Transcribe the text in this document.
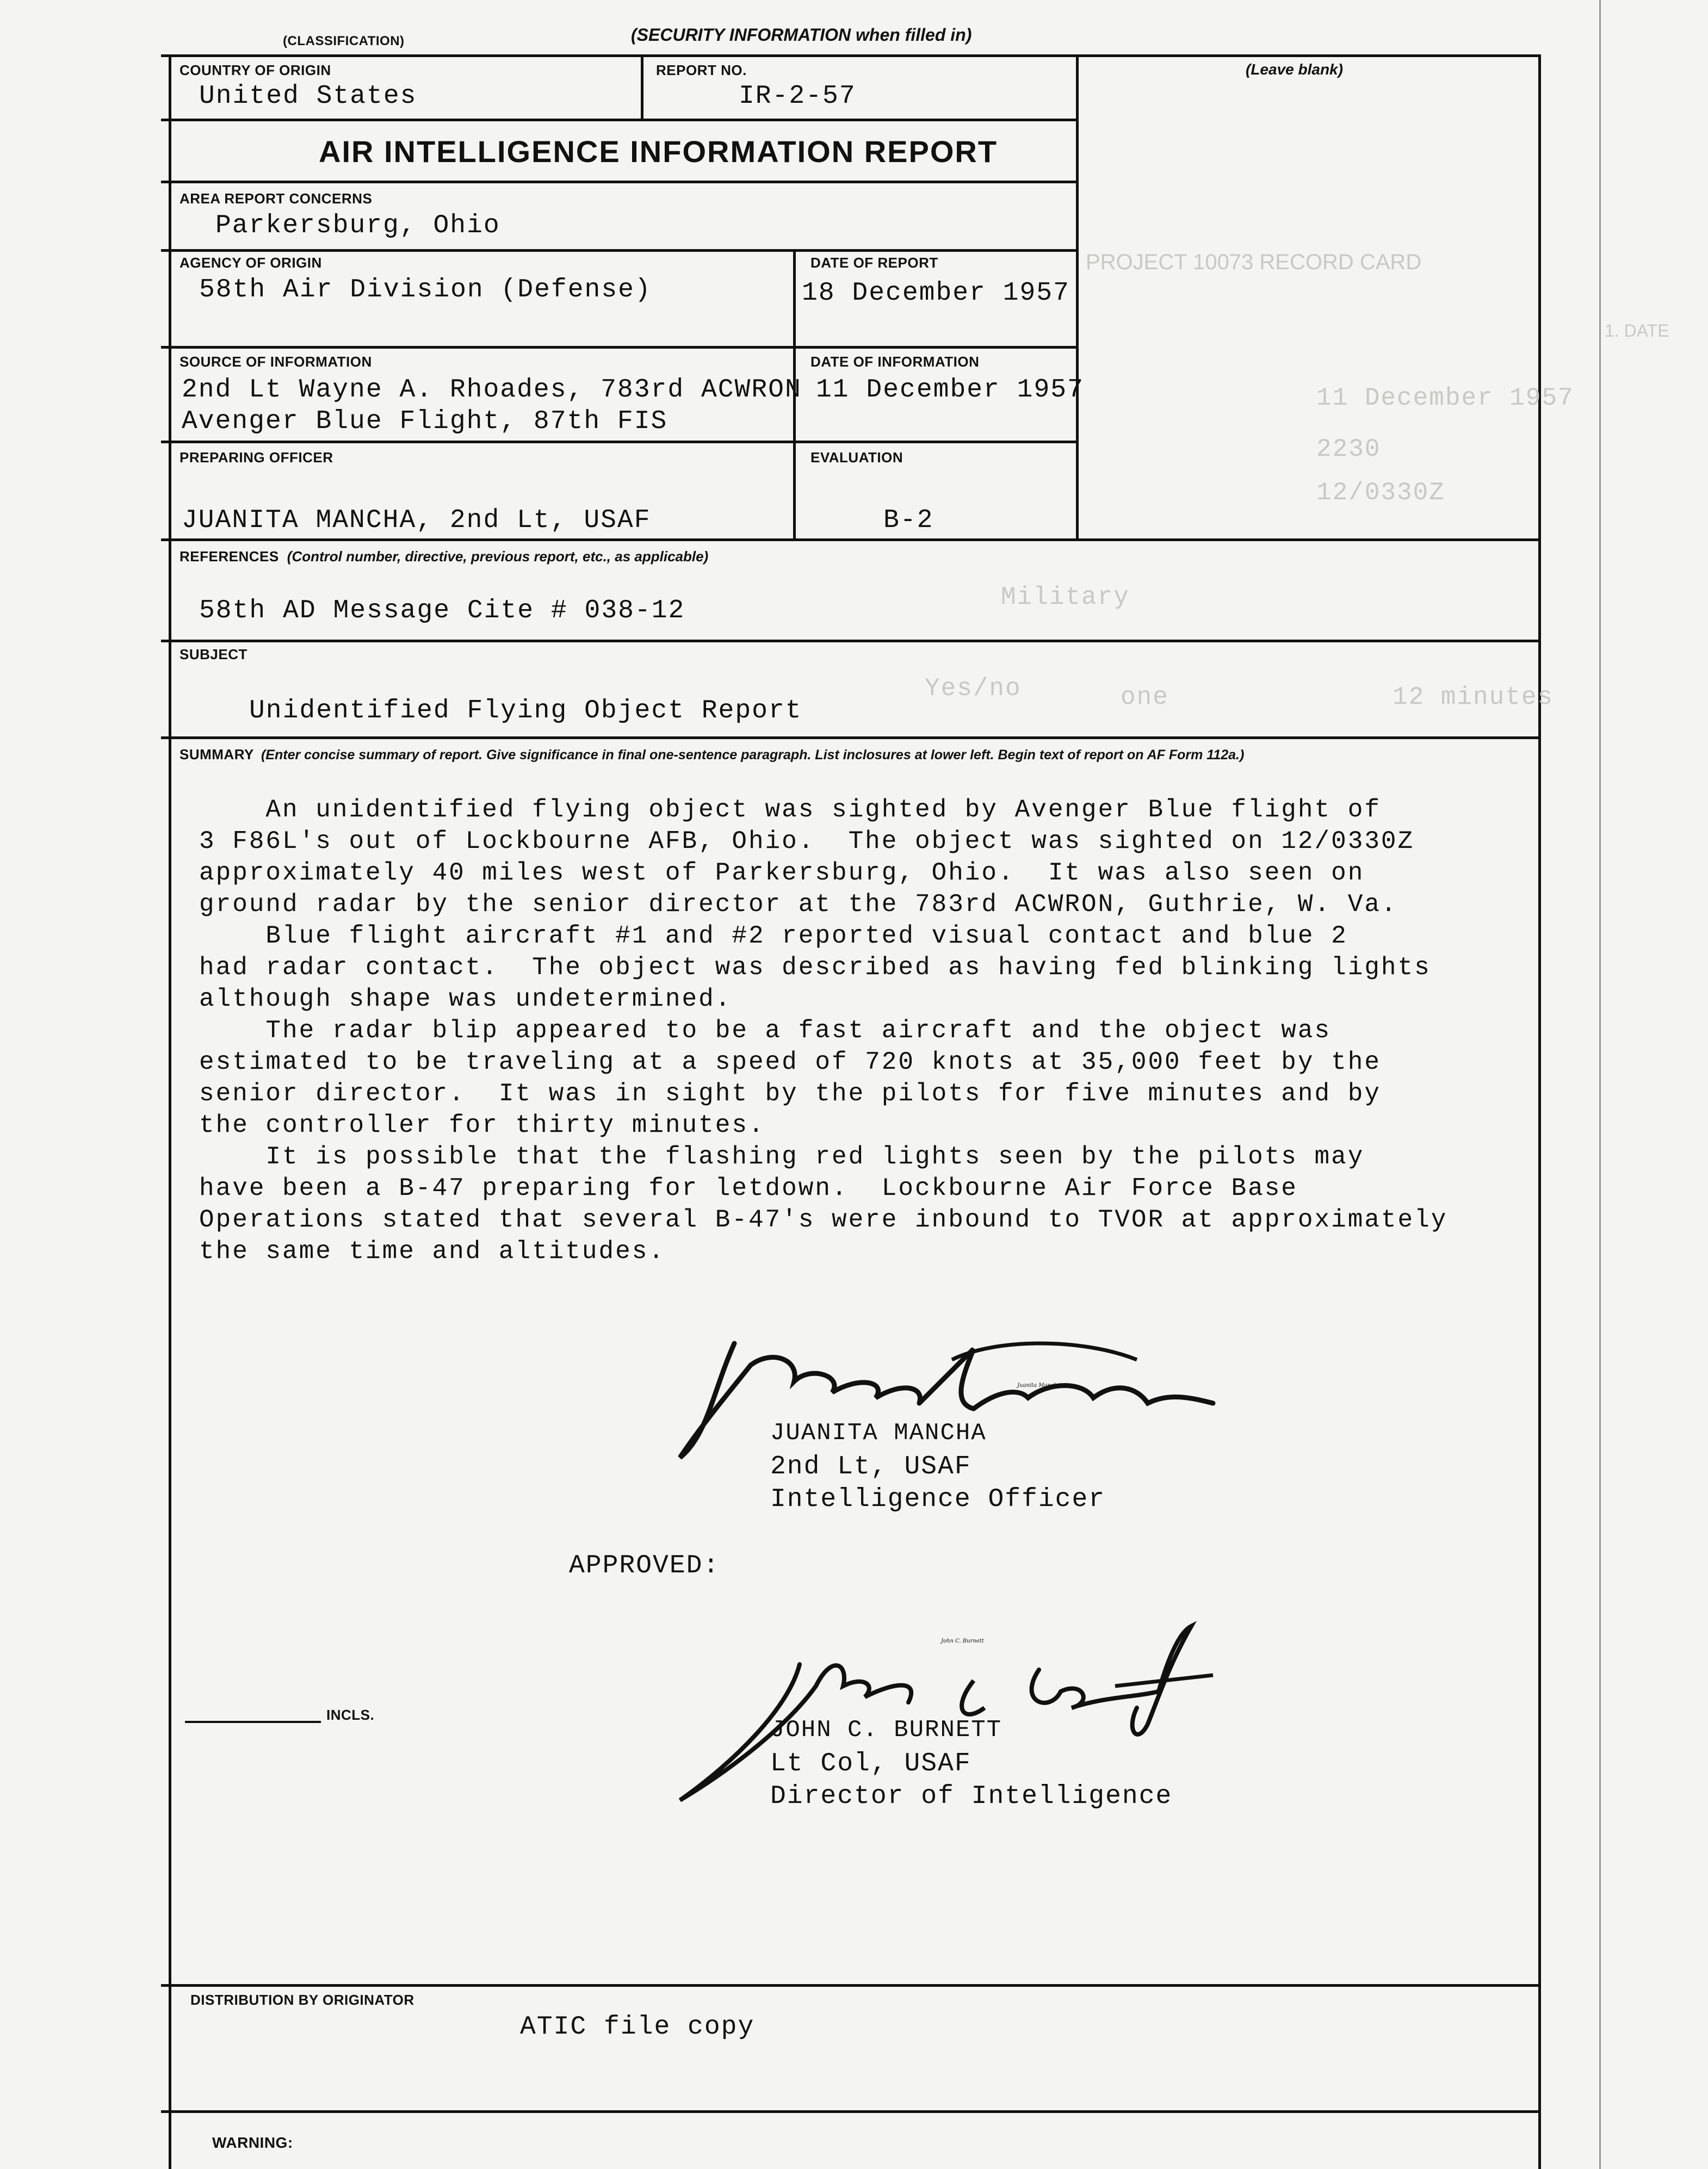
(CLASSIFICATION)	(SECURITY INFORMATION when filled in)
(Leave blank)
COUNTRY OF ORIGIN
United States
REPORT NO.
IR-2-57
AIR INTELLIGENCE INFORMATION REPORT
AREA REPORT CONCERNS
Parkersburg, Ohio
AGENCY OF ORIGIN
58th Air Division (Defense)
DATE OF REPORT
18 December 1957
SOURCE OF INFORMATION
2nd Lt Wayne A. Rhoades, 783rd ACWRON
Avenger Blue Flight, 87th FIS
DATE OF INFORMATION
11 December 1957
PREPARING OFFICER
JUANITA MANCHA, 2nd Lt, USAF
EVALUATION
B-2
REFERENCES (Control number, directive, previous report, etc., as applicable)
58th AD Message Cite # 038-12
SUBJECT
Unidentified Flying Object Report
SUMMARY (Enter concise summary of report. Give significance in final one-sentence paragraph. List inclosures at lower left. Begin text of report on AF Form 112a.)
An unidentified flying object was sighted by Avenger Blue flight of
3 F86L's out of Lockbourne AFB, Ohio.  The object was sighted on 12/0330Z
approximately 40 miles west of Parkersburg, Ohio.  It was also seen on
ground radar by the senior director at the 783rd ACWRON, Guthrie, W. Va.
Blue flight aircraft #1 and #2 reported visual contact and blue 2
had radar contact.  The object was described as having fed blinking lights
although shape was undetermined.
The radar blip appeared to be a fast aircraft and the object was
estimated to be traveling at a speed of 720 knots at 35,000 feet by the
senior director.  It was in sight by the pilots for five minutes and by
the controller for thirty minutes.
It is possible that the flashing red lights seen by the pilots may
have been a B-47 preparing for letdown.  Lockbourne Air Force Base
Operations stated that several B-47's were inbound to TVOR at approximately
the same time and altitudes.
Juanita Mancha
JUANITA MANCHA
2nd Lt, USAF
Intelligence Officer
APPROVED:
John C. Burnett
JOHN C. BURNETT
Lt Col, USAF
Director of Intelligence
INCLS.
DISTRIBUTION BY ORIGINATOR
ATIC file copy
WARNING:
PROJECT 10073 RECORD CARD
1. DATE
11 December 1957
2230
12/0330Z
Military
12 minutes
one
Yes/no
